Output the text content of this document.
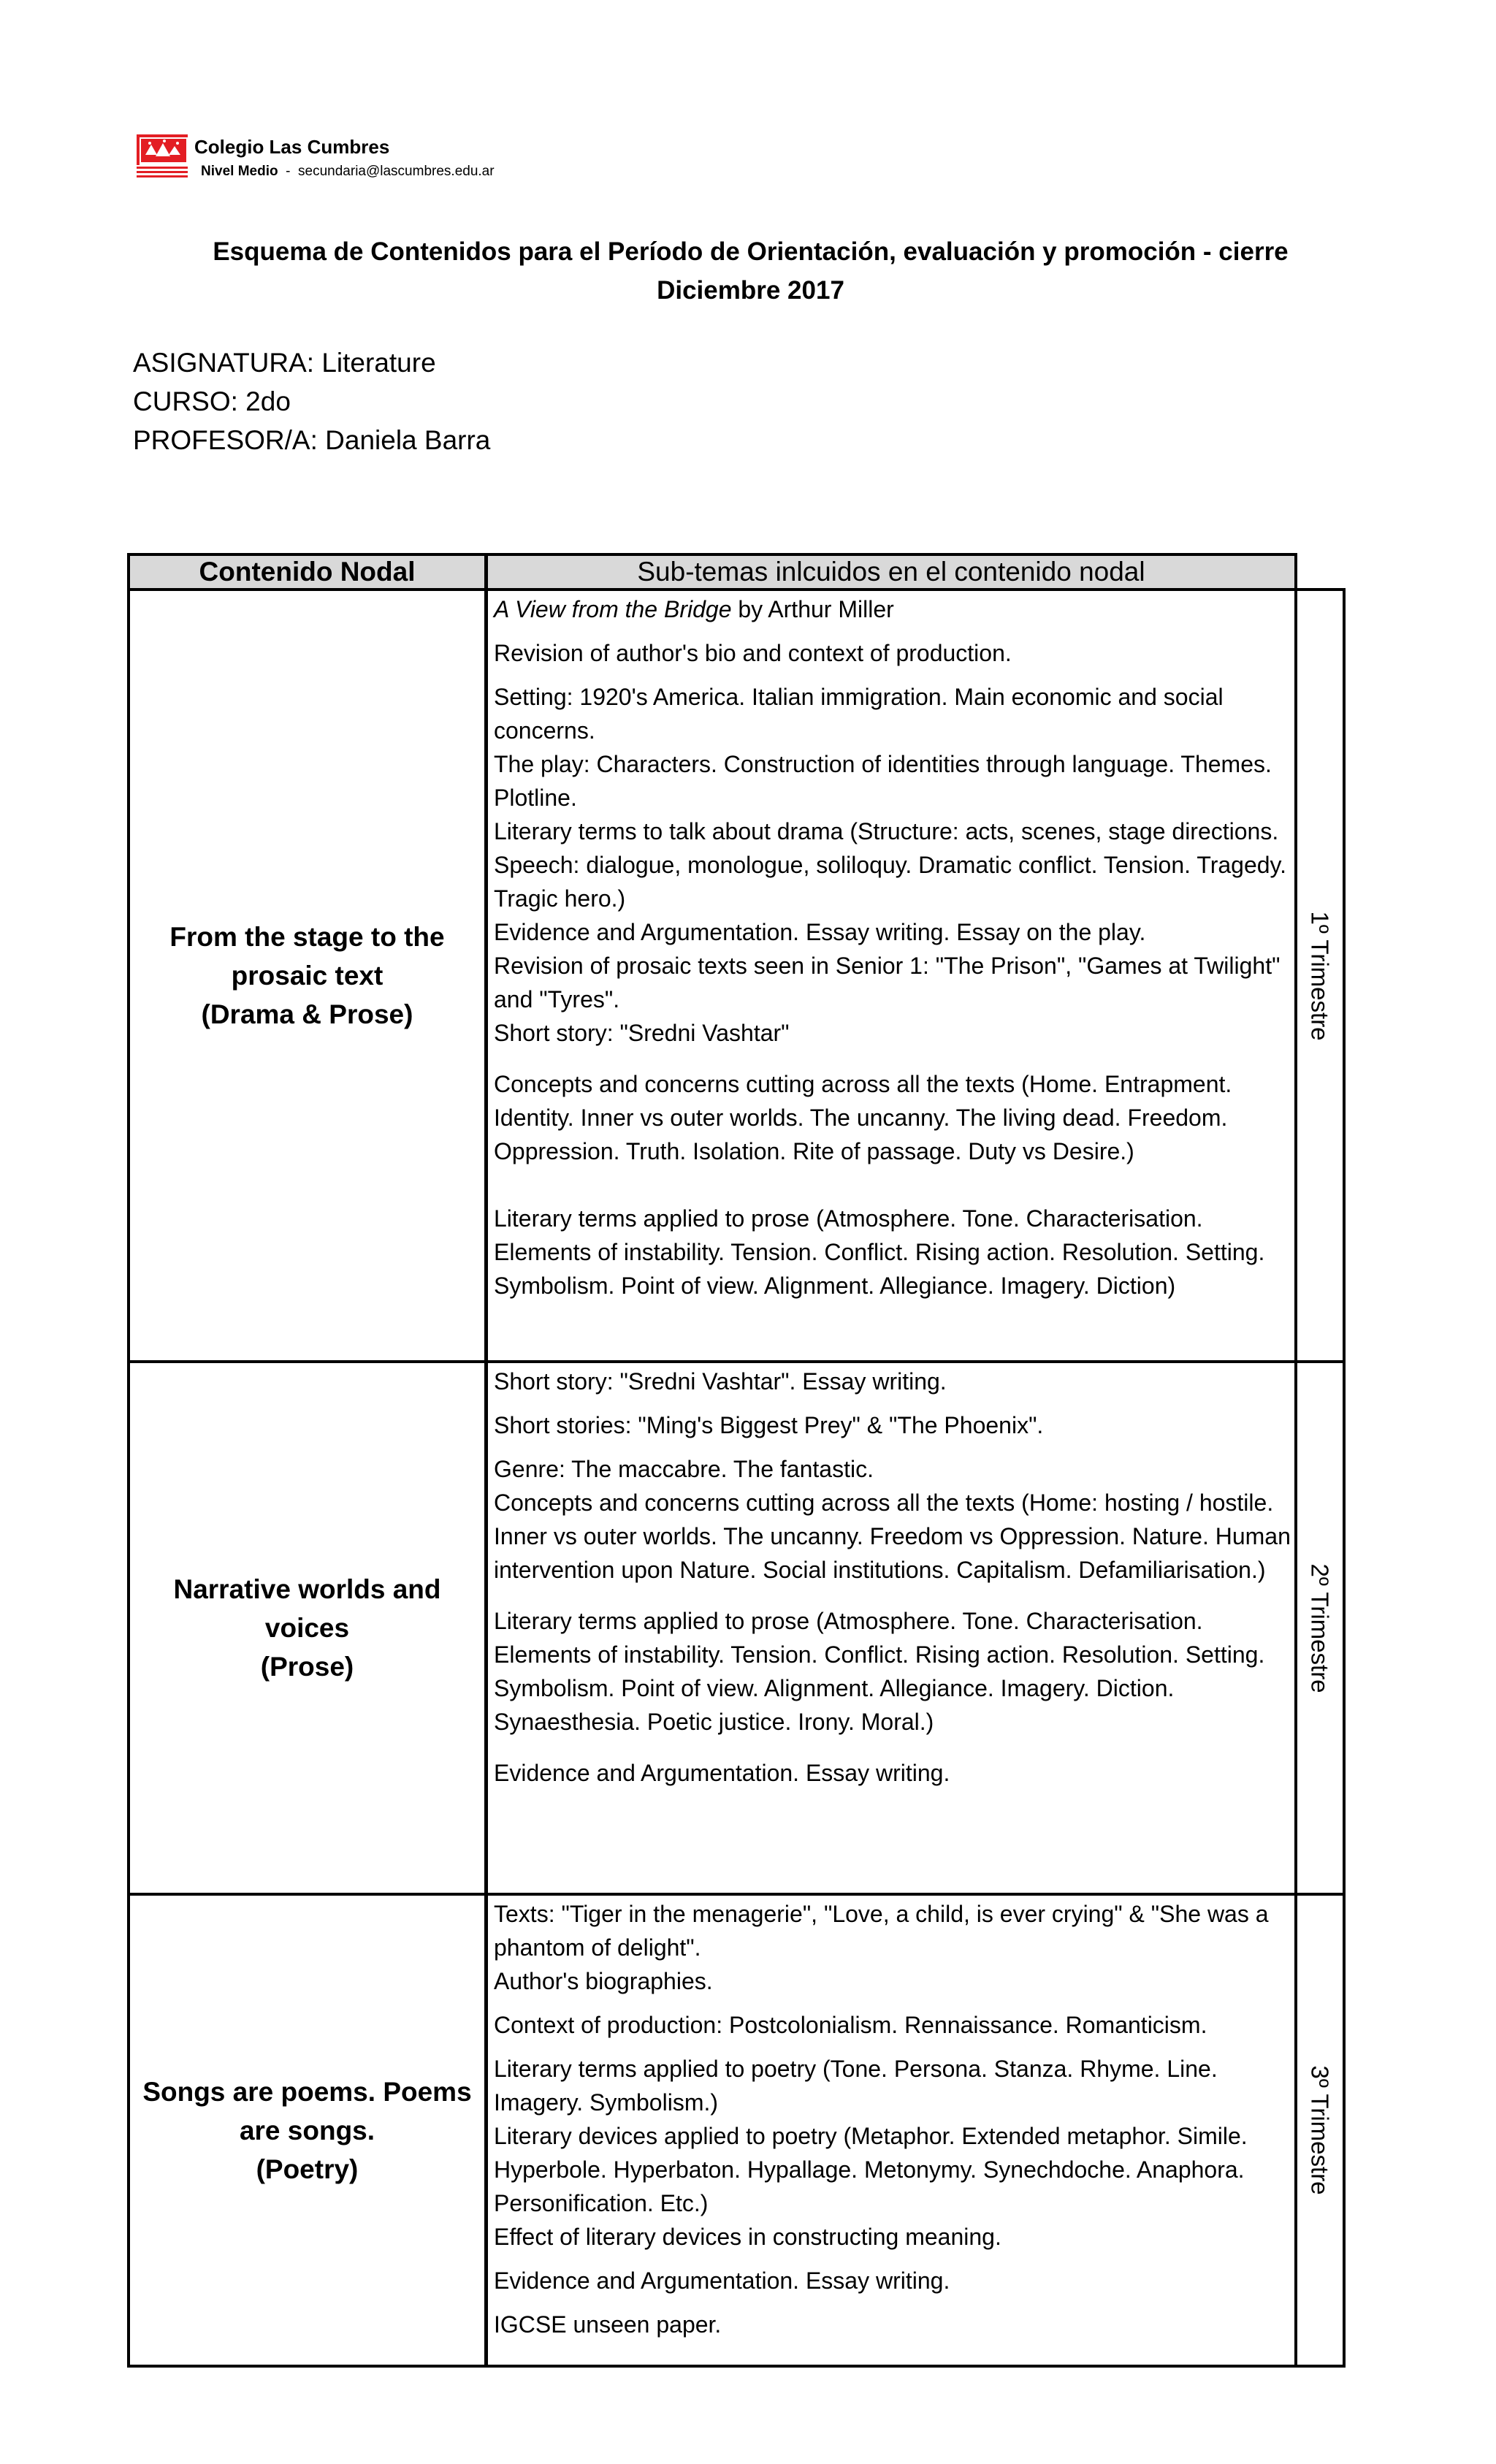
Colegio Las Cumbres
Nivel Medio - secundaria@lascumbres.edu.ar
Esquema de Contenidos para el Período de Orientación, evaluación y promoción - cierre
Diciembre 2017
ASIGNATURA: Literature
CURSO: 2do
PROFESOR/A: Daniela Barra
Contenido Nodal	Sub-temas inlcuidos en el contenido nodal
From the stage to the
prosaic text
(Drama & Prose)

A View from the Bridge by Arthur Miller

Revision of author's bio and context of production.

Setting: 1920's America. Italian immigration. Main economic and social concerns.

The play: Characters. Construction of identities through language. Themes. Plotline.

Literary terms to talk about drama (Structure: acts, scenes, stage directions. Speech: dialogue, monologue, soliloquy. Dramatic conflict. Tension. Tragedy. Tragic hero.)

Evidence and Argumentation. Essay writing. Essay on the play.

Revision of prosaic texts seen in Senior 1: "The Prison", "Games at Twilight" and "Tyres".

Short story: "Sredni Vashtar"

Concepts and concerns cutting across all the texts (Home. Entrapment. Identity. Inner vs outer worlds. The uncanny. The living dead. Freedom. Oppression. Truth. Isolation. Rite of passage. Duty vs Desire.)

Literary terms applied to prose (Atmosphere. Tone. Characterisation. Elements of instability. Tension. Conflict. Rising action. Resolution. Setting. Symbolism. Point of view. Alignment. Allegiance. Imagery. Diction)

1º Trimestre
Narrative worlds and voices
(Prose)

Short story: "Sredni Vashtar". Essay writing.

Short stories: "Ming's Biggest Prey" & "The Phoenix".

Genre: The maccabre. The fantastic.

Concepts and concerns cutting across all the texts (Home: hosting / hostile. Inner vs outer worlds. The uncanny. Freedom vs Oppression. Nature. Human intervention upon Nature. Social institutions. Capitalism. Defamiliarisation.)

Literary terms applied to prose (Atmosphere. Tone. Characterisation. Elements of instability. Tension. Conflict. Rising action. Resolution. Setting. Symbolism. Point of view. Alignment. Allegiance. Imagery. Diction. Synaesthesia. Poetic justice. Irony. Moral.)

Evidence and Argumentation. Essay writing.

2º Trimestre
Songs are poems. Poems
are songs.
(Poetry)

Texts: "Tiger in the menagerie", "Love, a child, is ever crying" & "She was a phantom of delight".

Author's biographies.

Context of production: Postcolonialism. Rennaissance. Romanticism.

Literary terms applied to poetry (Tone. Persona. Stanza. Rhyme. Line. Imagery. Symbolism.)

Literary devices applied to poetry (Metaphor. Extended metaphor. Simile. Hyperbole. Hyperbaton. Hypallage. Metonymy. Synechdoche. Anaphora. Personification. Etc.)

Effect of literary devices in constructing meaning.

Evidence and Argumentation. Essay writing.

IGCSE unseen paper.

3º Trimestre
